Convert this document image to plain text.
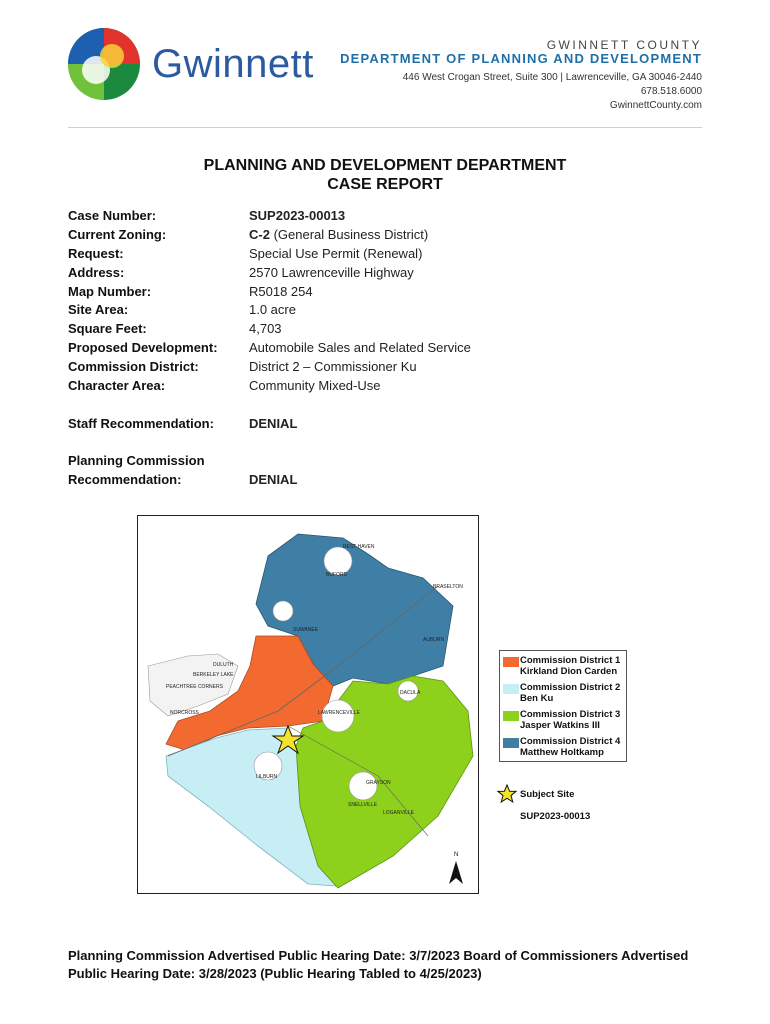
Gwinnett	GWINNETT COUNTY
DEPARTMENT OF PLANNING AND DEVELOPMENT
446 West Crogan Street, Suite 300 | Lawrenceville, GA 30046-2440
678.518.6000
GwinnettCounty.com
PLANNING AND DEVELOPMENT DEPARTMENT
CASE REPORT
Case Number:	SUP2023-00013
Current Zoning:	C-2 (General Business District)
Request:	Special Use Permit (Renewal)
Address:	2570 Lawrenceville Highway
Map Number:	R5018 254
Site Area:	1.0 acre
Square Feet:	4,703
Proposed Development: Automobile Sales and Related Service
Commission District:	District 2 – Commissioner Ku
Character Area:	Community Mixed-Use
Staff Recommendation:	DENIAL
Planning Commission
Recommendation:	DENIAL
SUWANEE
BUFORD
REST HAVEN
DULUTH
BERKELEY LAKE
PEACHTREE CORNERS
NORCROSS	LAWRENCEVILLE
DACULA
AUBURN
BRASELTON
LILBURN
SNELLVILLE
GRAYSON
LOGANVILLE
N
Commission District 1
Kirkland Dion Carden
Commission District 2
Ben Ku
Commission District 3
Jasper Watkins III
Commission District 4
Matthew Holtkamp
Subject Site
SUP2023-00013
Planning Commission Advertised Public Hearing Date: 3/7/2023 Board of Commissioners Advertised Public Hearing Date: 3/28/2023 (Public Hearing Tabled to 4/25/2023)
